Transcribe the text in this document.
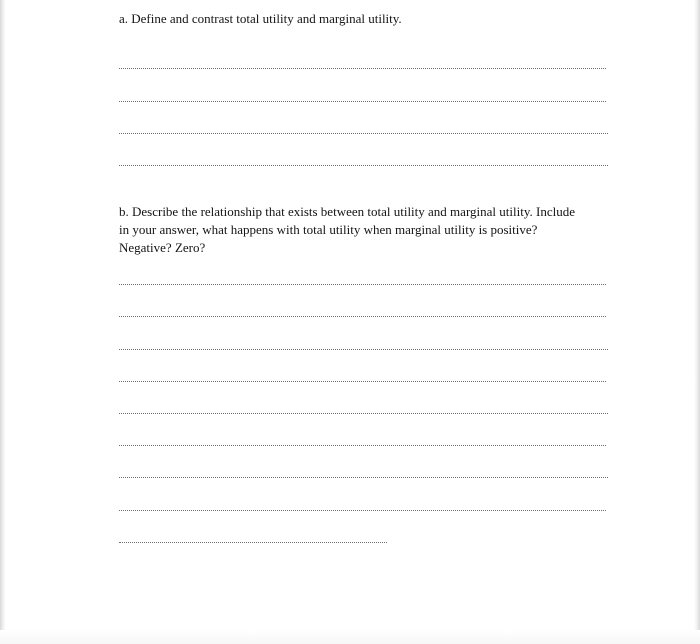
a. Define and contrast total utility and marginal utility.

b. Describe the relationship that exists between total utility and marginal utility. Include
in your answer, what happens with total utility when marginal utility is positive?
Negative? Zero?
